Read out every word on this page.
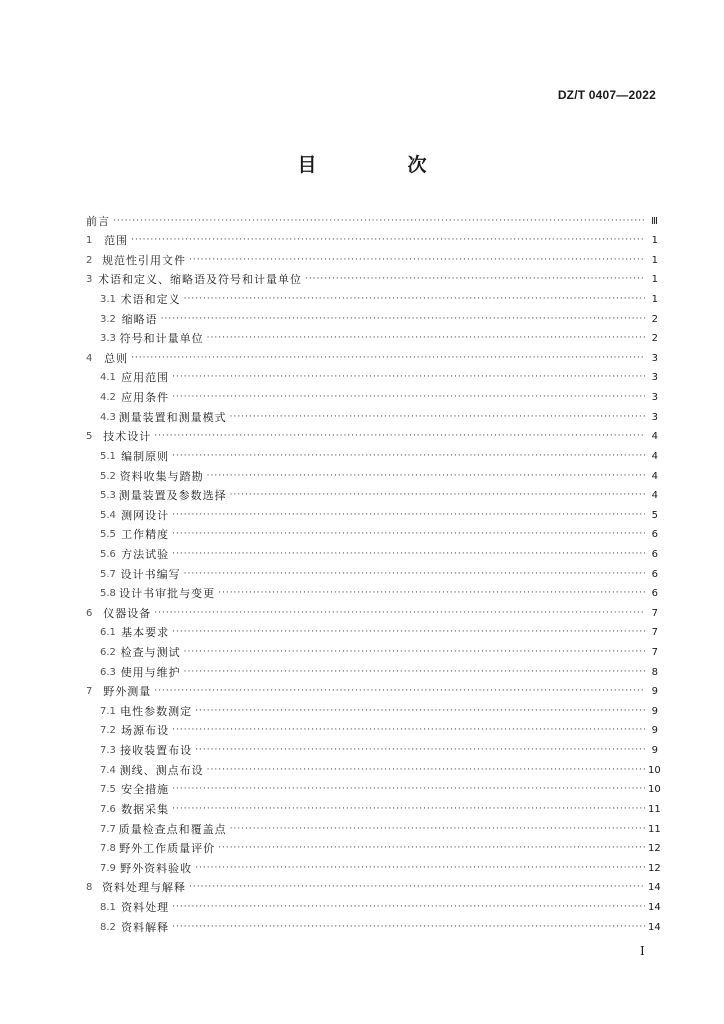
DZ/T 0407—2022
目　次
前言 ·····	Ⅲ
1	范围 ·····	1
2 规范性引用文件 ·····	1
3 术语和定义、缩略语及符号和计量单位 ·····	1
3.1 术语和定义 ·····	1
3.2 缩略语 ·····	2
3.3 符号和计量单位 ·····	2
4	总则 ·····	3
4.1 应用范围 ·····	3
4.2 应用条件 ·····	3
4.3 测量装置和测量模式 ·····	3
5 技术设计 ·····	4
5.1 编制原则 ·····	4
5.2 资料收集与踏勘 ·····	4
5.3 测量装置及参数选择 ·····	4
5.4 测网设计 ·····	5
5.5 工作精度 ·····	6
5.6 方法试验 ·····	6
5.7 设计书编写 ·····	6
5.8 设计书审批与变更 ·····	6
6 仪器设备 ·····	7
6.1 基本要求 ·····	7
6.2 检查与测试 ·····	7
6.3 使用与维护 ·····	8
7 野外测量 ·····	9
7.1 电性参数测定 ·····	9
7.2 场源布设 ·····	9
7.3 接收装置布设 ·····	9
7.4 测线、测点布设 ·····	10
7.5 安全措施 ·····	10
7.6 数据采集 ·····	11
7.7 质量检查点和覆盖点 ·····	11
7.8 野外工作质量评价 ·····	12
7.9 野外资料验收 ·····	12
8 资料处理与解释 ·····	14
8.1 资料处理 ·····	14
8.2 资料解释 ·····	14
I
